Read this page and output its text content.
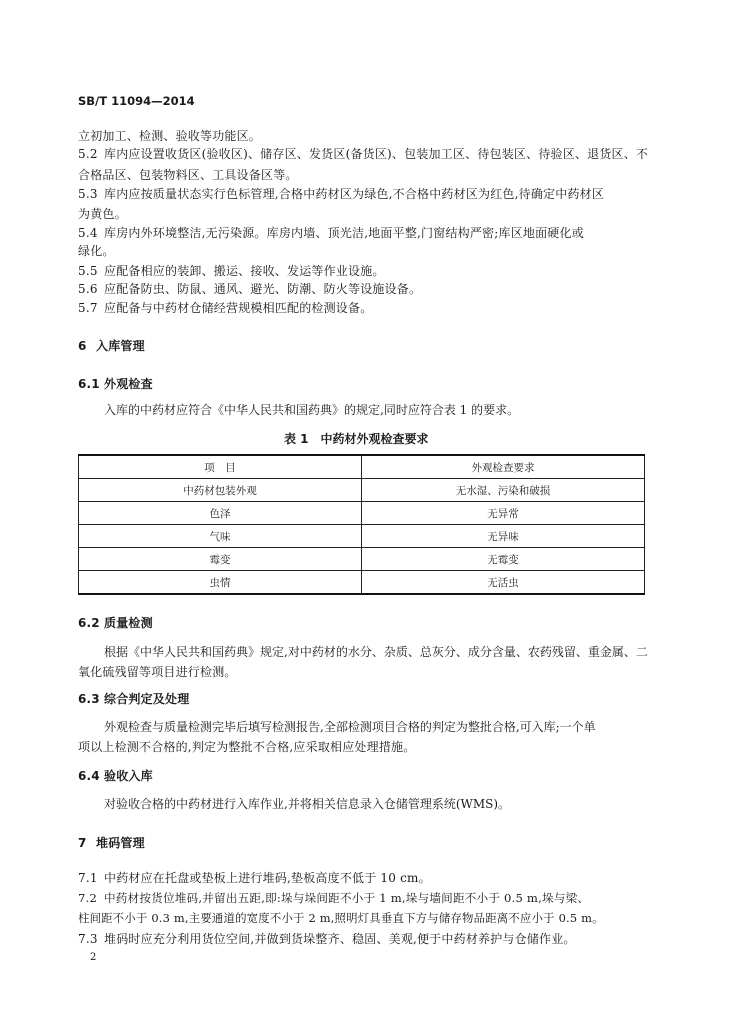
SB/T 11094—2014
立初加工、检测、验收等功能区。
5.2 库内应设置收货区(验收区)、储存区、发货区(备货区)、包装加工区、待包装区、待验区、退货区、不
合格品区、包装物料区、工具设备区等。
5.3 库内应按质量状态实行色标管理,合格中药材区为绿色,不合格中药材区为红色,待确定中药材区
为黄色。
5.4 库房内外环境整洁,无污染源。库房内墙、顶光洁,地面平整,门窗结构严密;库区地面硬化或
绿化。
5.5 应配备相应的装卸、搬运、接收、发运等作业设施。
5.6 应配备防虫、防鼠、通风、避光、防潮、防火等设施设备。
5.7 应配备与中药材仓储经营规模相匹配的检测设备。
6 入库管理
6.1 外观检查
入库的中药材应符合《中华人民共和国药典》的规定,同时应符合表 1 的要求。
表 1　中药材外观检查要求
项　目	外观检查要求
中药材包装外观	无水湿、污染和破损
色泽	无异常
气味	无异味
霉变	无霉变
虫情	无活虫
6.2 质量检测
根据《中华人民共和国药典》规定,对中药材的水分、杂质、总灰分、成分含量、农药残留、重金属、二
氧化硫残留等项目进行检测。
6.3 综合判定及处理
外观检查与质量检测完毕后填写检测报告,全部检测项目合格的判定为整批合格,可入库;一个单
项以上检测不合格的,判定为整批不合格,应采取相应处理措施。
6.4 验收入库
对验收合格的中药材进行入库作业,并将相关信息录入仓储管理系统(WMS)。
7 堆码管理
7.1 中药材应在托盘或垫板上进行堆码,垫板高度不低于 10 cm。
7.2 中药材按货位堆码,并留出五距,即:垛与垛间距不小于 1 m,垛与墙间距不小于 0.5 m,垛与梁、
柱间距不小于 0.3 m,主要通道的宽度不小于 2 m,照明灯具垂直下方与储存物品距离不应小于 0.5 m。
7.3 堆码时应充分利用货位空间,并做到货垛整齐、稳固、美观,便于中药材养护与仓储作业。
2
